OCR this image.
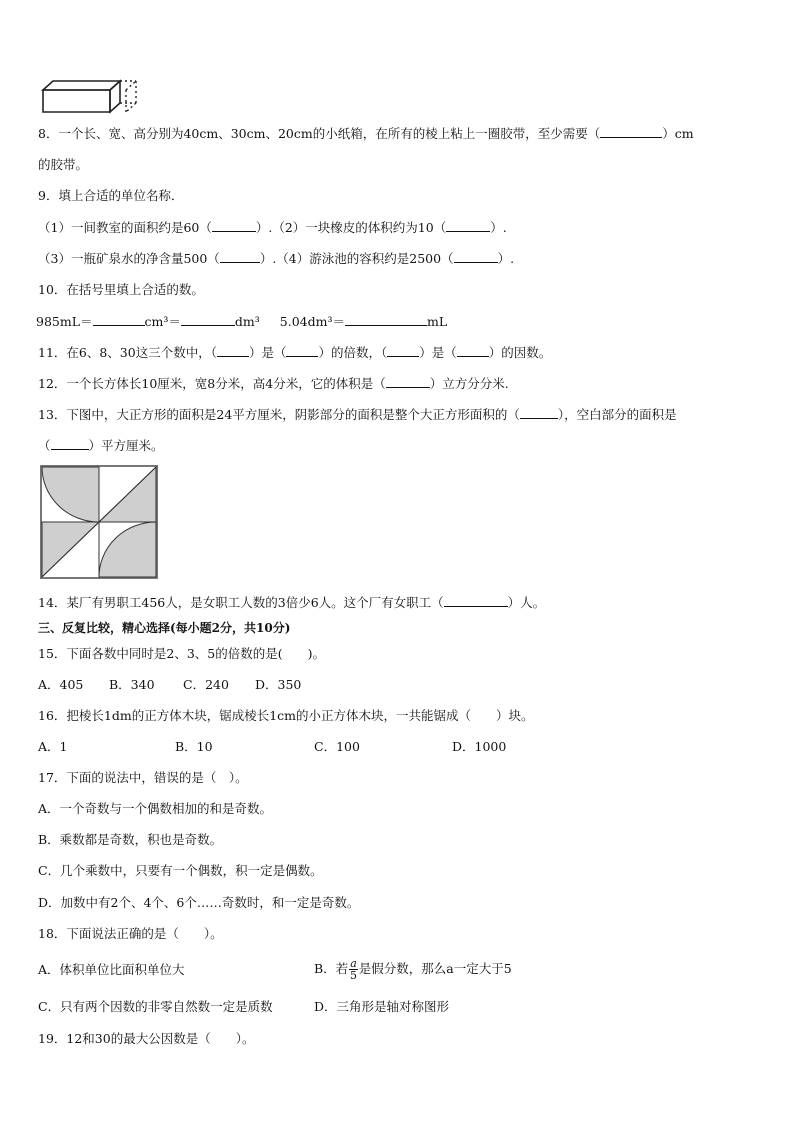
8．一个长、宽、高分别为40cm、30cm、20cm的小纸箱，在所有的棱上粘上一圈胶带，至少需要（	）cm
的胶带。
9．填上合适的单位名称．
（1）一间教室的面积约是60（	）.（2）一块橡皮的体积约为10（	）.
（3）一瓶矿泉水的净含量500（	）.（4）游泳池的容积约是2500（	）.
10．在括号里填上合适的数。
985mL＝	cm³＝	dm³ 5.04dm³＝	mL
11．在6、8、30这三个数中，（	）是（	）的倍数，（	）是（	）的因数。
12．一个长方体长10厘米，宽8分米，高4分米，它的体积是（	）立方分分米.
13．下图中，大正方形的面积是24平方厘米，阴影部分的面积是整个大正方形面积的（	），空白部分的面积是
（	）平方厘米。
14．某厂有男职工456人，是女职工人数的3倍少6人。这个厂有女职工（	）人。
三、反复比较，精心选择(每小题2分，共10分)
15．下面各数中同时是2、3、5的倍数的是(　　)。
A．405 B．340 C．240 D．350
16．把棱长1dm的正方体木块，锯成棱长1cm的小正方体木块，一共能锯成（　　）块。
A．1	B．10	C．100	D．1000
17．下面的说法中，错误的是（　）。
A．一个奇数与一个偶数相加的和是奇数。
B．乘数都是奇数，积也是奇数。
C．几个乘数中，只要有一个偶数，积一定是偶数。
D．加数中有2个、4个、6个……奇数时，和一定是奇数。
18．下面说法正确的是（　　）。
A．体积单位比面积单位大	B．若 $\frac{a}{5}$ 是假分数，那么a一定大于5
C．只有两个因数的非零自然数一定是质数	D．三角形是轴对称图形
19．12和30的最大公因数是（　　）。
